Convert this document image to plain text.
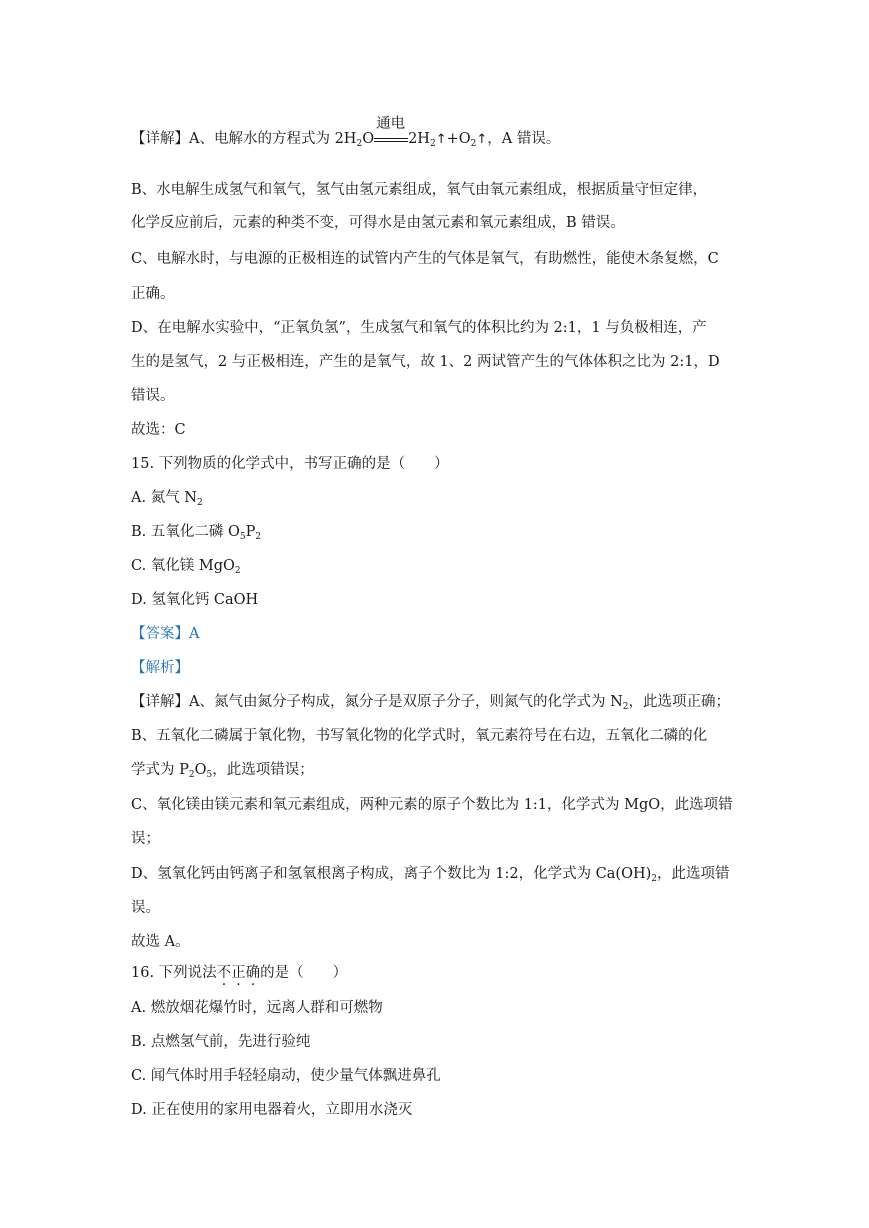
【详解】A、电解水的方程式为 $2H_2O$
通电
$2H_2↑+O_2↑$，A 错误。
B、水电解生成氢气和氧气，氢气由氢元素组成，氧气由氧元素组成，根据质量守恒定律，
化学反应前后，元素的种类不变，可得水是由氢元素和氧元素组成，B 错误。
C、电解水时，与电源的正极相连的试管内产生的气体是氧气，有助燃性，能使木条复燃，C
正确。
D、在电解水实验中，“正氧负氢”，生成氢气和氧气的体积比约为 2:1，1 与负极相连，产
生的是氢气，2 与正极相连，产生的是氧气，故 1、2 两试管产生的气体体积之比为 2:1，D
错误。
故选：C
15. 下列物质的化学式中，书写正确的是（　　）
A. 氮气 $N_2$
B. 五氧化二磷 $O_5P_2$
C. 氧化镁 MgO$_2$
D. 氢氧化钙 CaOH
【答案】A
【解析】
【详解】A、氮气由氮分子构成，氮分子是双原子分子，则氮气的化学式为 $N_2$，此选项正确；
B、五氧化二磷属于氧化物，书写氧化物的化学式时，氧元素符号在右边，五氧化二磷的化
学式为 $P_2O_5$，此选项错误；
C、氧化镁由镁元素和氧元素组成，两种元素的原子个数比为 1:1，化学式为 MgO，此选项错
误；
D、氢氧化钙由钙离子和氢氧根离子构成，离子个数比为 1:2，化学式为 $Ca(OH)_2$，此选项错
误。
故选 A。
16. 下列说法不正确的是（　　）
A. 燃放烟花爆竹时，远离人群和可燃物
B. 点燃氢气前，先进行验纯
C. 闻气体时用手轻轻扇动，使少量气体飘进鼻孔
D. 正在使用的家用电器着火，立即用水浇灭
